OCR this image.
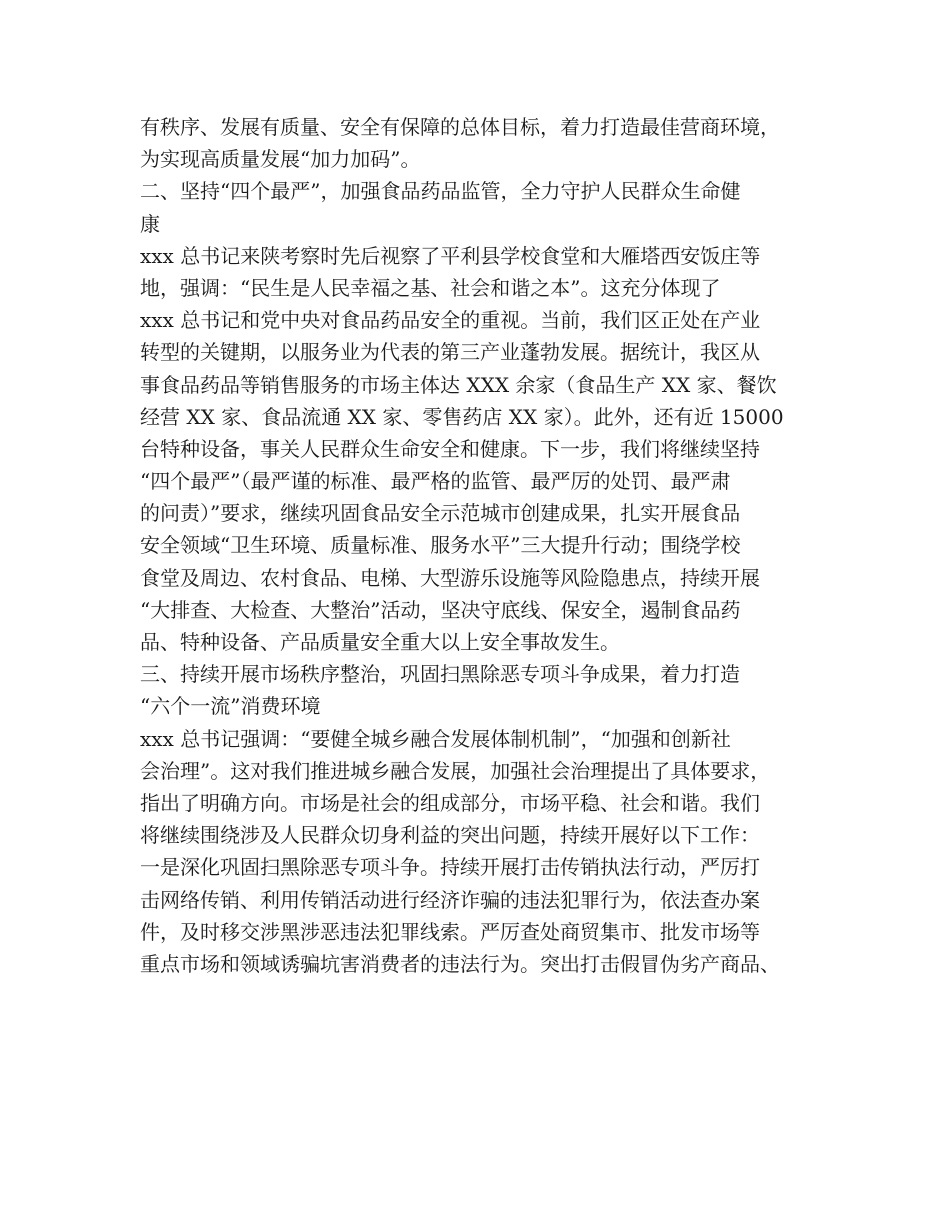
有秩序、发展有质量、安全有保障的总体目标，着力打造最佳营商环境，
为实现高质量发展“加力加码”。
二、坚持“四个最严”，加强食品药品监管，全力守护人民群众生命健
康
xxx 总书记来陕考察时先后视察了平利县学校食堂和大雁塔西安饭庄等
地，强调：“民生是人民幸福之基、社会和谐之本”。这充分体现了
xxx 总书记和党中央对食品药品安全的重视。当前，我们区正处在产业
转型的关键期，以服务业为代表的第三产业蓬勃发展。据统计，我区从
事食品药品等销售服务的市场主体达 XXX 余家（食品生产 XX 家、餐饮
经营 XX 家、食品流通 XX 家、零售药店 XX 家）。此外，还有近 15000
台特种设备，事关人民群众生命安全和健康。下一步，我们将继续坚持
“四个最严”（最严谨的标准、最严格的监管、最严厉的处罚、最严肃
的问责）”要求，继续巩固食品安全示范城市创建成果，扎实开展食品
安全领域“卫生环境、质量标准、服务水平”三大提升行动；围绕学校
食堂及周边、农村食品、电梯、大型游乐设施等风险隐患点，持续开展
“大排查、大检查、大整治”活动，坚决守底线、保安全，遏制食品药
品、特种设备、产品质量安全重大以上安全事故发生。
三、持续开展市场秩序整治，巩固扫黑除恶专项斗争成果，着力打造
“六个一流”消费环境
xxx 总书记强调：“要健全城乡融合发展体制机制”，“加强和创新社
会治理”。这对我们推进城乡融合发展，加强社会治理提出了具体要求，
指出了明确方向。市场是社会的组成部分，市场平稳、社会和谐。我们
将继续围绕涉及人民群众切身利益的突出问题，持续开展好以下工作：
一是深化巩固扫黑除恶专项斗争。持续开展打击传销执法行动，严厉打
击网络传销、利用传销活动进行经济诈骗的违法犯罪行为，依法查办案
件，及时移交涉黑涉恶违法犯罪线索。严厉查处商贸集市、批发市场等
重点市场和领域诱骗坑害消费者的违法行为。突出打击假冒伪劣产商品、
